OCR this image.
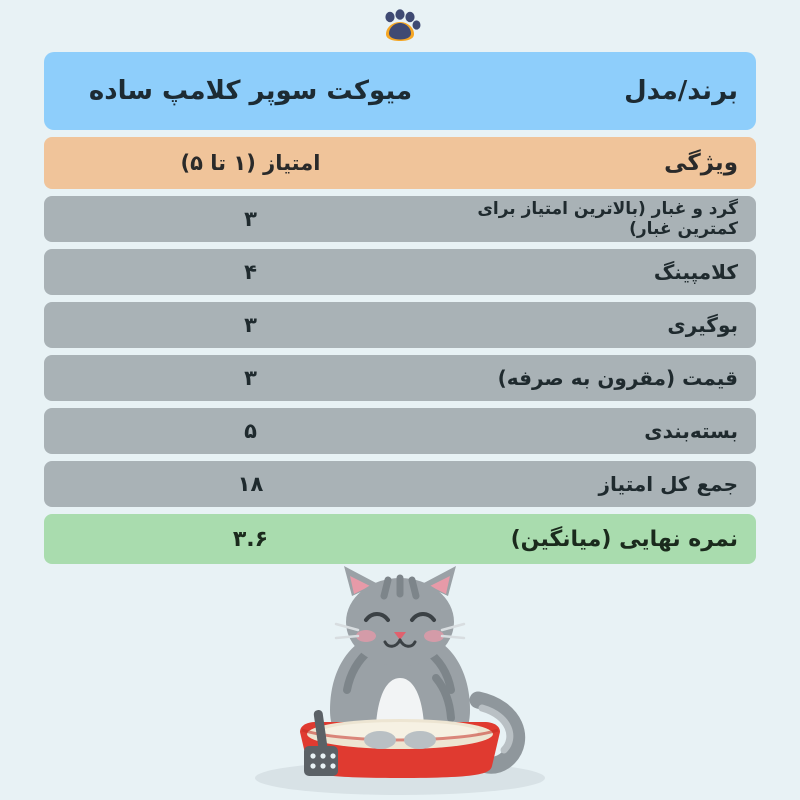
برند/مدل
میوکت سوپر کلامپ ساده
ویژگی
امتیاز (۱ تا ۵)
گرد و غبار (بالاترین امتیاز برای کمترین غبار)
۳
کلامپینگ
۴
بوگیری
۳
قیمت (مقرون به صرفه)
۳
بسته‌بندی
۵
جمع کل امتیاز
۱۸
نمره نهایی (میانگین)
۳.۶
